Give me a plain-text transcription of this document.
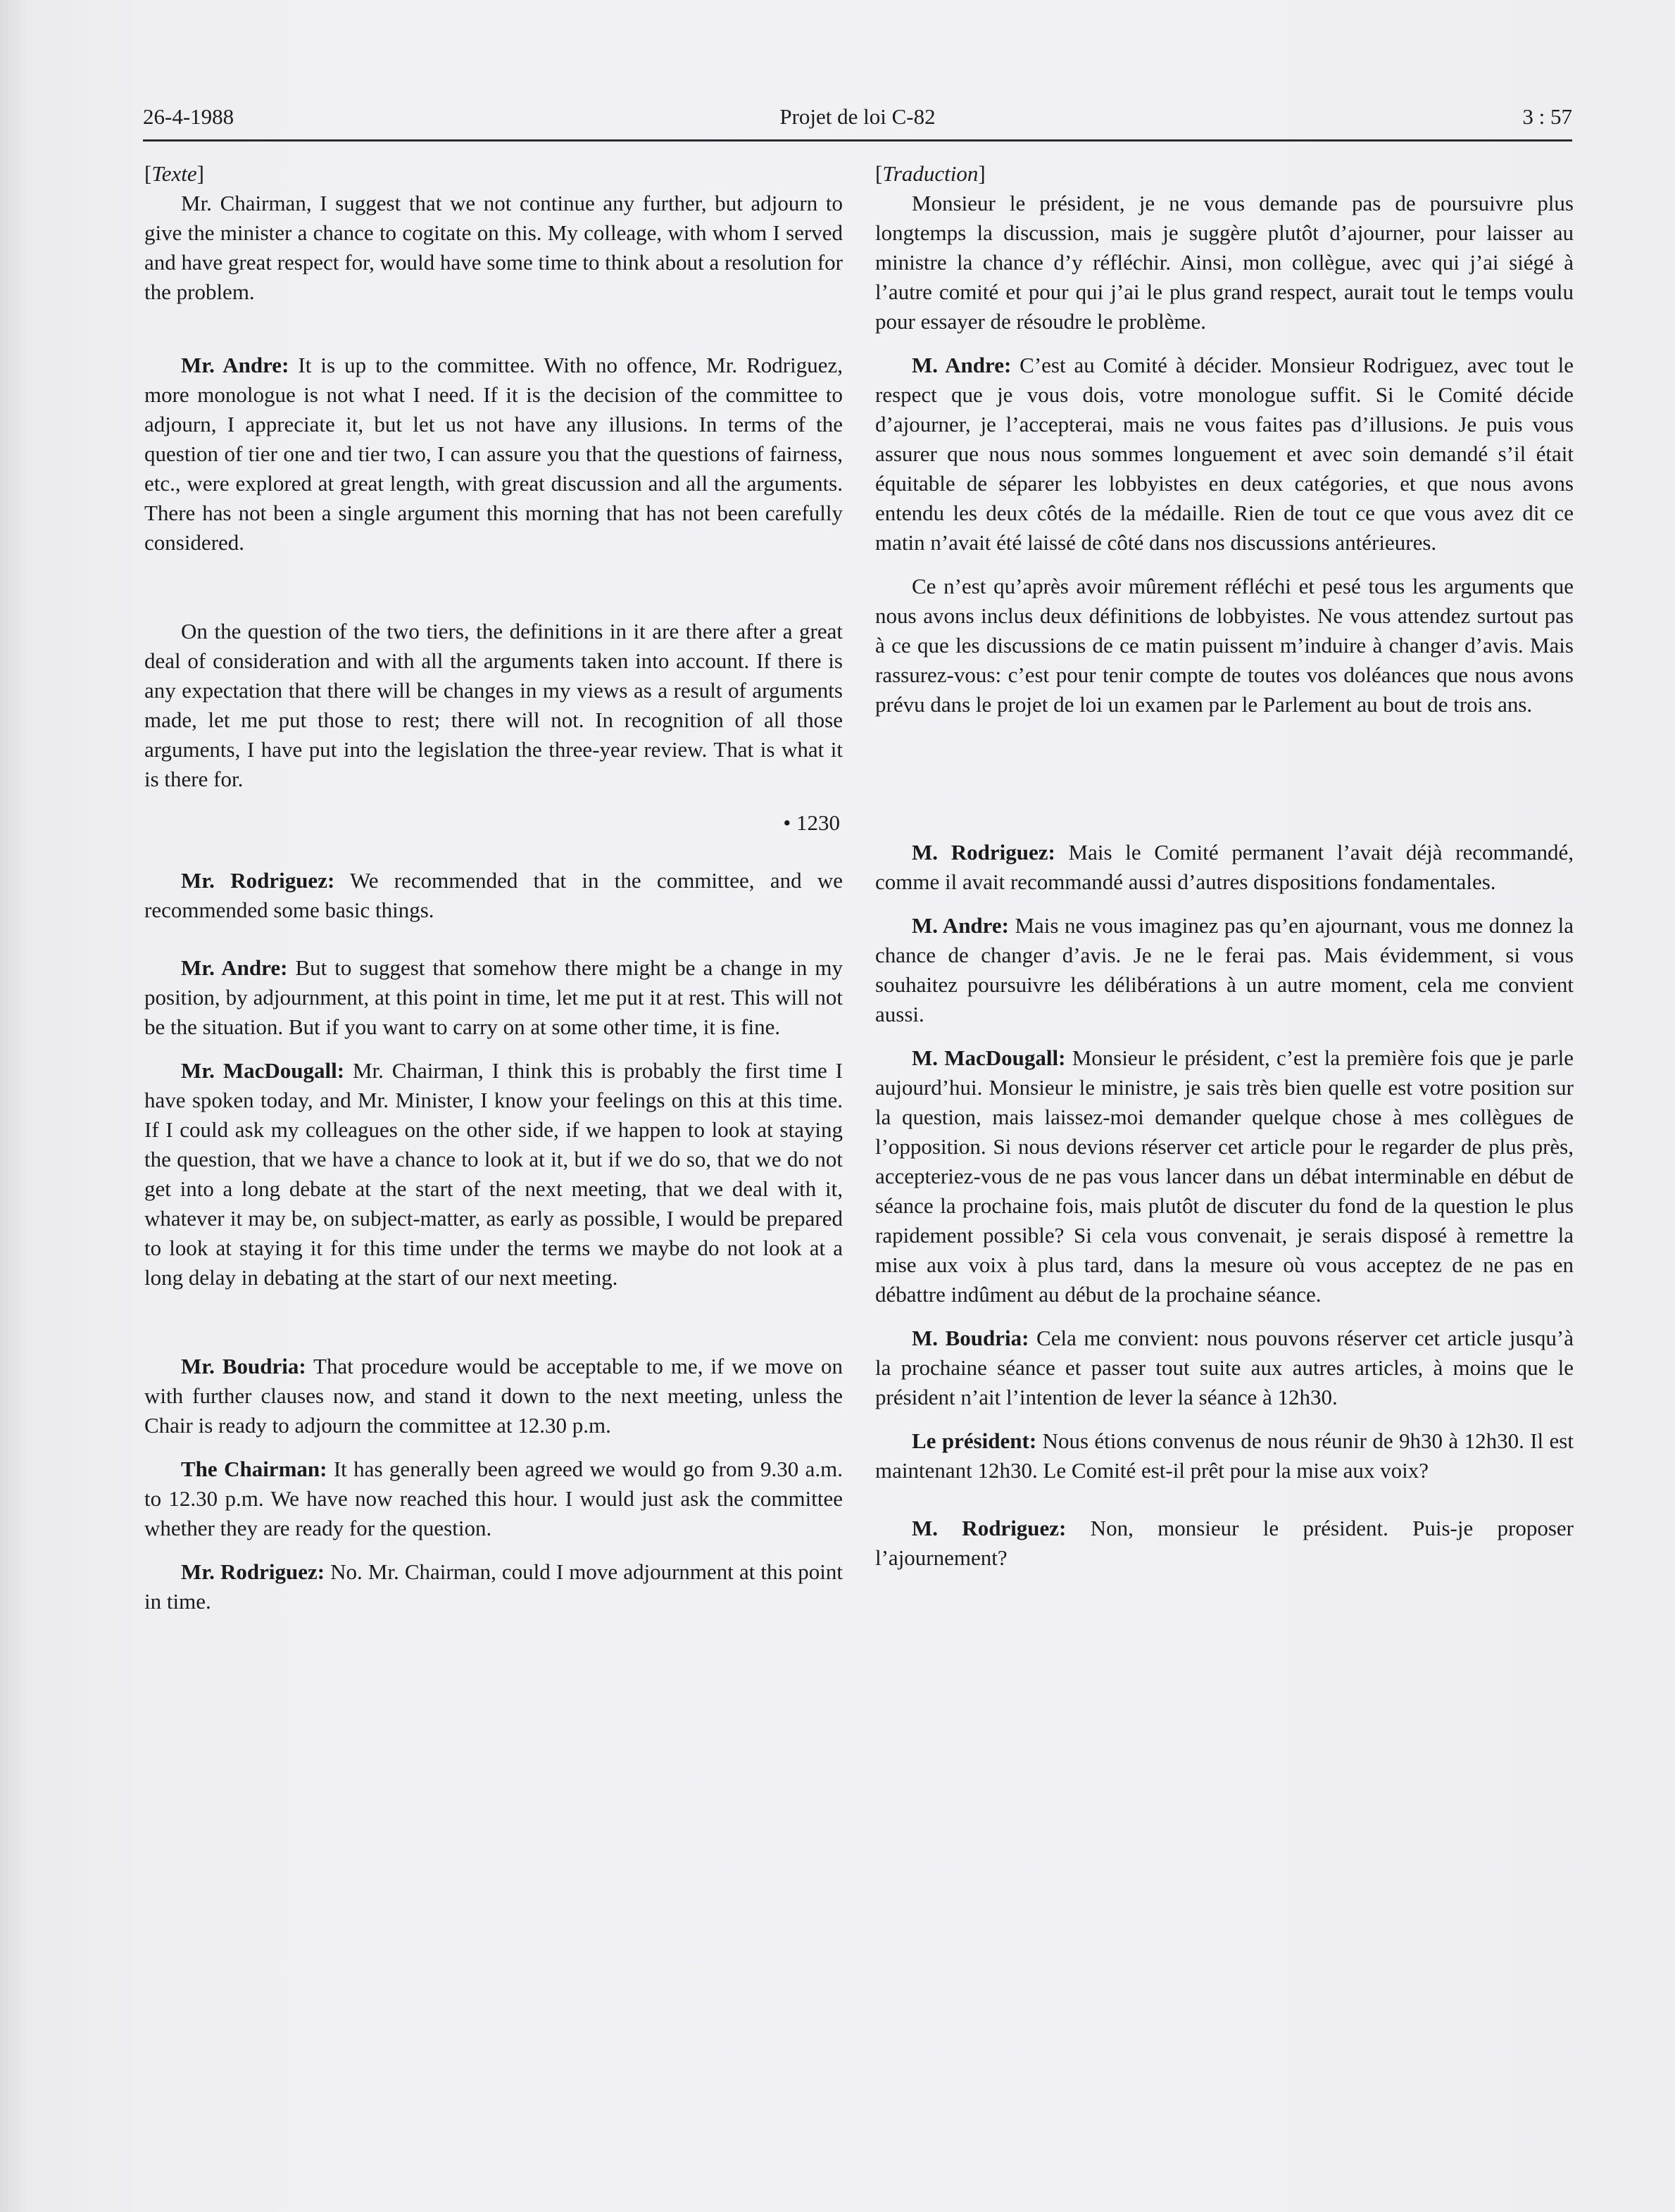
26-4-1988	Projet de loi C-82	3 : 57

[Texte]

Mr. Chairman, I suggest that we not continue any further, but adjourn to give the minister a chance to cogitate on this. My colleage, with whom I served and have great respect for, would have some time to think about a resolution for the problem.

Mr. Andre: It is up to the committee. With no offence, Mr. Rodriguez, more monologue is not what I need. If it is the decision of the committee to adjourn, I appreciate it, but let us not have any illusions. In terms of the question of tier one and tier two, I can assure you that the questions of fairness, etc., were explored at great length, with great discussion and all the arguments. There has not been a single argument this morning that has not been carefully considered.

On the question of the two tiers, the definitions in it are there after a great deal of consideration and with all the arguments taken into account. If there is any expectation that there will be changes in my views as a result of arguments made, let me put those to rest; there will not. In recognition of all those arguments, I have put into the legislation the three-year review. That is what it is there for.

• 1230

Mr. Rodriguez: We recommended that in the committee, and we recommended some basic things.

Mr. Andre: But to suggest that somehow there might be a change in my position, by adjournment, at this point in time, let me put it at rest. This will not be the situation. But if you want to carry on at some other time, it is fine.

Mr. MacDougall: Mr. Chairman, I think this is probably the first time I have spoken today, and Mr. Minister, I know your feelings on this at this time. If I could ask my colleagues on the other side, if we happen to look at staying the question, that we have a chance to look at it, but if we do so, that we do not get into a long debate at the start of the next meeting, that we deal with it, whatever it may be, on subject-matter, as early as possible, I would be prepared to look at staying it for this time under the terms we maybe do not look at a long delay in debating at the start of our next meeting.

Mr. Boudria: That procedure would be acceptable to me, if we move on with further clauses now, and stand it down to the next meeting, unless the Chair is ready to adjourn the committee at 12.30 p.m.

The Chairman: It has generally been agreed we would go from 9.30 a.m. to 12.30 p.m. We have now reached this hour. I would just ask the committee whether they are ready for the question.

Mr. Rodriguez: No. Mr. Chairman, could I move adjournment at this point in time.

[Traduction]

Monsieur le président, je ne vous demande pas de poursuivre plus longtemps la discussion, mais je suggère plutôt d’ajourner, pour laisser au ministre la chance d’y réfléchir. Ainsi, mon collègue, avec qui j’ai siégé à l’autre comité et pour qui j’ai le plus grand respect, aurait tout le temps voulu pour essayer de résoudre le problème.

M. Andre: C’est au Comité à décider. Monsieur Rodriguez, avec tout le respect que je vous dois, votre monologue suffit. Si le Comité décide d’ajourner, je l’accepterai, mais ne vous faites pas d’illusions. Je puis vous assurer que nous nous sommes longuement et avec soin demandé s’il était équitable de séparer les lobbyistes en deux catégories, et que nous avons entendu les deux côtés de la médaille. Rien de tout ce que vous avez dit ce matin n’avait été laissé de côté dans nos discussions antérieures.

Ce n’est qu’après avoir mûrement réfléchi et pesé tous les arguments que nous avons inclus deux définitions de lobbyistes. Ne vous attendez surtout pas à ce que les discussions de ce matin puissent m’induire à changer d’avis. Mais rassurez-vous: c’est pour tenir compte de toutes vos doléances que nous avons prévu dans le projet de loi un examen par le Parlement au bout de trois ans.

M. Rodriguez: Mais le Comité permanent l’avait déjà recommandé, comme il avait recommandé aussi d’autres dispositions fondamentales.

M. Andre: Mais ne vous imaginez pas qu’en ajournant, vous me donnez la chance de changer d’avis. Je ne le ferai pas. Mais évidemment, si vous souhaitez poursuivre les délibérations à un autre moment, cela me convient aussi.

M. MacDougall: Monsieur le président, c’est la première fois que je parle aujourd’hui. Monsieur le ministre, je sais très bien quelle est votre position sur la question, mais laissez-moi demander quelque chose à mes collègues de l’opposition. Si nous devions réserver cet article pour le regarder de plus près, accepteriez-vous de ne pas vous lancer dans un débat interminable en début de séance la prochaine fois, mais plutôt de discuter du fond de la question le plus rapidement possible? Si cela vous convenait, je serais disposé à remettre la mise aux voix à plus tard, dans la mesure où vous acceptez de ne pas en débattre indûment au début de la prochaine séance.

M. Boudria: Cela me convient: nous pouvons réserver cet article jusqu’à la prochaine séance et passer tout suite aux autres articles, à moins que le président n’ait l’intention de lever la séance à 12h30.

Le président: Nous étions convenus de nous réunir de 9h30 à 12h30. Il est maintenant 12h30. Le Comité est-il prêt pour la mise aux voix?

M. Rodriguez: Non, monsieur le président. Puis-je proposer l’ajournement?
